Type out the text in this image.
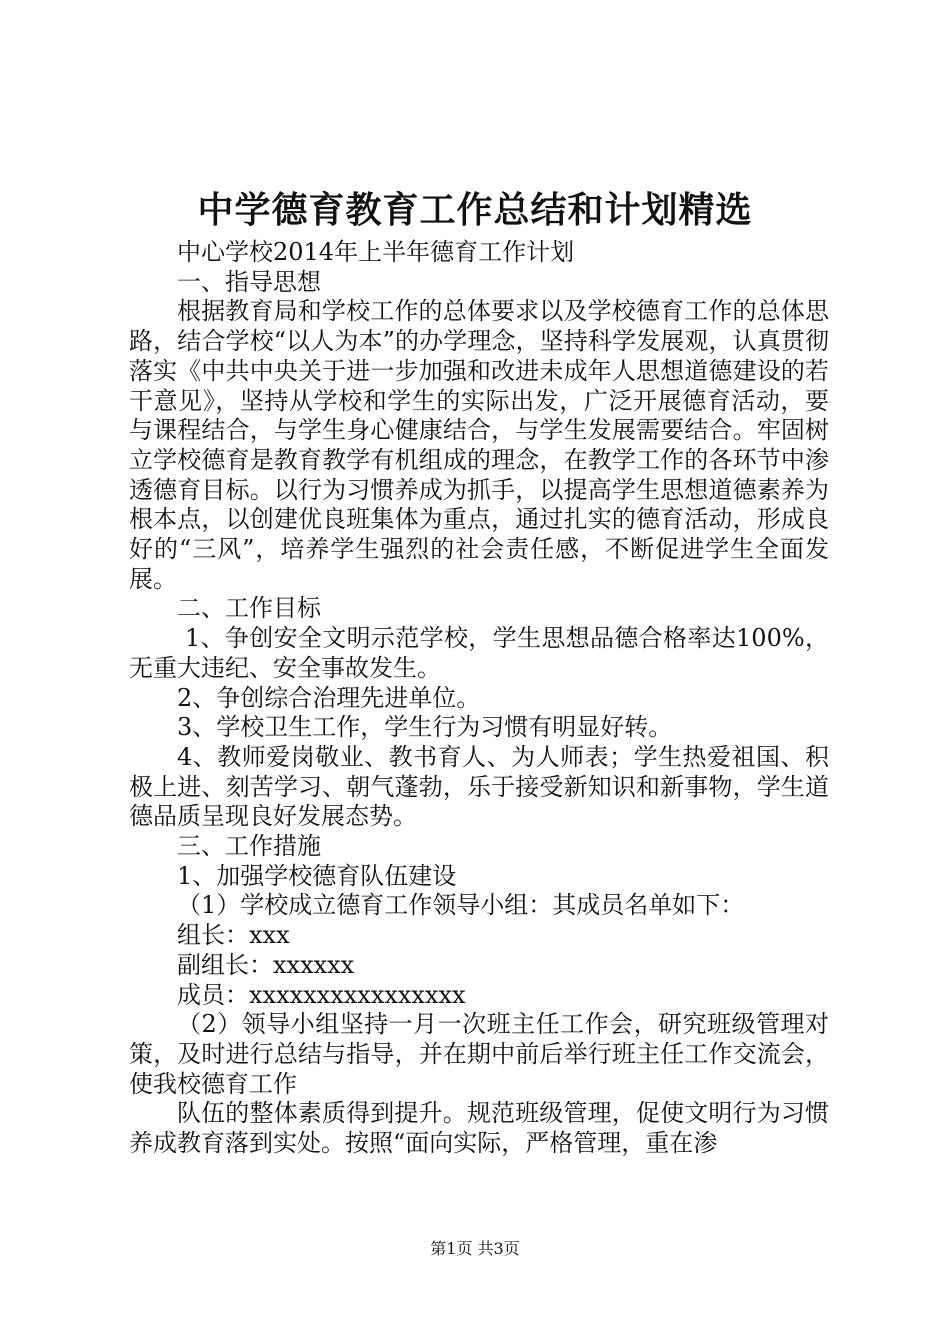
中学德育教育工作总结和计划精选

中心学校2014年上半年德育工作计划

一、指导思想

根据教育局和学校工作的总体要求以及学校德育工作的总体思路，结合学校“以人为本”的办学理念，坚持科学发展观，认真贯彻落实《中共中央关于进一步加强和改进未成年人思想道德建设的若干意见》，坚持从学校和学生的实际出发，广泛开展德育活动，要与课程结合，与学生身心健康结合，与学生发展需要结合。牢固树立学校德育是教育教学有机组成的理念，在教学工作的各环节中渗透德育目标。以行为习惯养成为抓手，以提高学生思想道德素养为根本点，以创建优良班集体为重点，通过扎实的德育活动，形成良好的“三风”，培养学生强烈的社会责任感，不断促进学生全面发展。

二、工作目标

1、争创安全文明示范学校，学生思想品德合格率达100%，无重大违纪、安全事故发生。

2、争创综合治理先进单位。

3、学校卫生工作，学生行为习惯有明显好转。

4、教师爱岗敬业、教书育人、为人师表；学生热爱祖国、积极上进、刻苦学习、朝气蓬勃，乐于接受新知识和新事物，学生道德品质呈现良好发展态势。

三、工作措施

1、加强学校德育队伍建设

（1）学校成立德育工作领导小组：其成员名单如下：

组长：xxx

副组长：xxxxxx

成员：xxxxxxxxxxxxxxxx

（2）领导小组坚持一月一次班主任工作会，研究班级管理对策，及时进行总结与指导，并在期中前后举行班主任工作交流会，使我校德育工作

队伍的整体素质得到提升。规范班级管理，促使文明行为习惯养成教育落到实处。按照“面向实际，严格管理，重在渗

第1页 共3页
